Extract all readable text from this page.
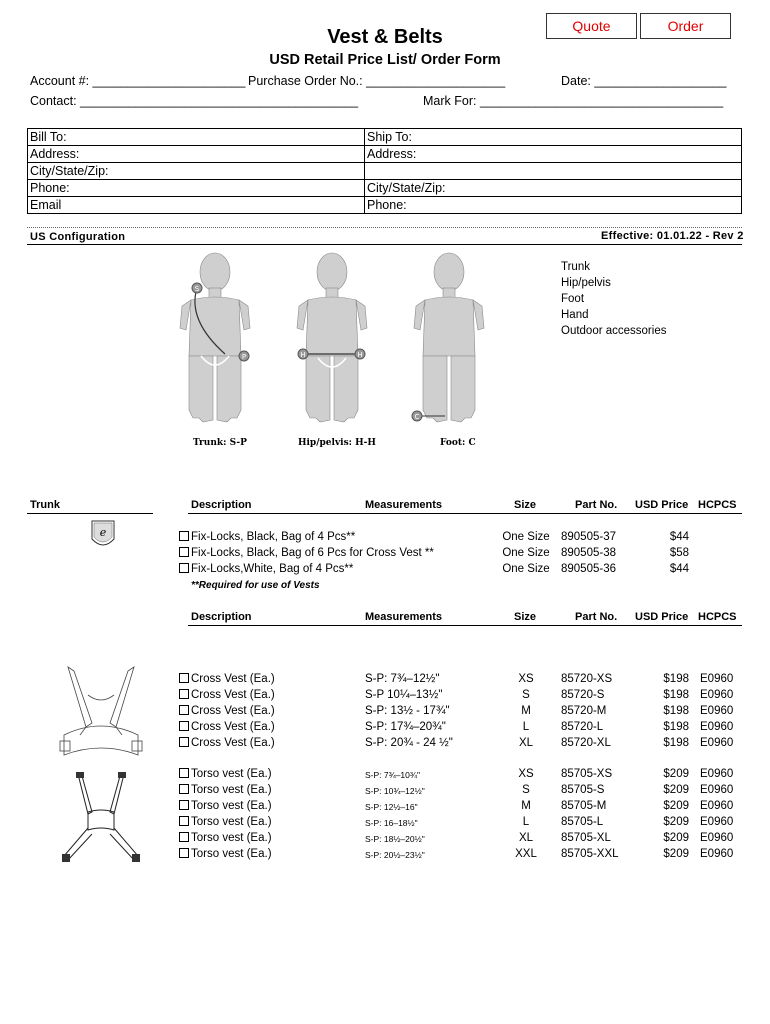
Quote	Order
Vest & Belts
USD Retail Price List/ Order Form
Account #: ______________________ Purchase Order No.: ____________________	Date: ___________________
Contact: ________________________________________	Mark For: ___________________________________
Bill To:	Ship To:
Address:	Address:
City/State/Zip:	
Phone:	City/State/Zip:
Email	Phone:
US Configuration	Effective: 01.01.22 - Rev 2
S
P
Trunk: S-P
H	H
Hip/pelvis: H-H
C
Foot: C
Trunk
Hip/pelvis
Foot
Hand
Outdoor accessories
Trunk	Description	Measurements	Size	Part No. USD Price HCPCS
e	Fix-Locks, Black, Bag of 4 Pcs**	One Size 890505-37	$44
Fix-Locks, Black, Bag of 6 Pcs for Cross Vest **	One Size 890505-38	$58
Fix-Locks,White, Bag of 4 Pcs**	One Size 890505-36	$44
**Required for use of Vests
Description	Measurements	Size	Part No. USD Price HCPCS
Cross Vest (Ea.)	S-P: 7¾–12½"	XS	85720-XS	$198 E0960
Cross Vest (Ea.)	S-P 10¼–13½"	S	85720-S	$198 E0960
Cross Vest (Ea.)	S-P: 13½ - 17¾"	M	85720-M	$198 E0960
Cross Vest (Ea.)	S-P: 17¾–20¾"	L	85720-L	$198 E0960
Cross Vest (Ea.)	S-P: 20¾ - 24 ½"	XL	85720-XL	$198 E0960
Torso vest (Ea.)	S-P: 7¾–10¾"	XS	85705-XS	$209 E0960
Torso vest (Ea.)	S-P: 10¾–12½"	S	85705-S	$209 E0960
Torso vest (Ea.)	S-P: 12½–16"	M	85705-M	$209 E0960
Torso vest (Ea.)	S-P: 16–18½"	L	85705-L	$209 E0960
Torso vest (Ea.)	S-P: 18½–20½"	XL	85705-XL	$209 E0960
Torso vest (Ea.)	S-P: 20½–23½"	XXL	85705-XXL	$209 E0960
